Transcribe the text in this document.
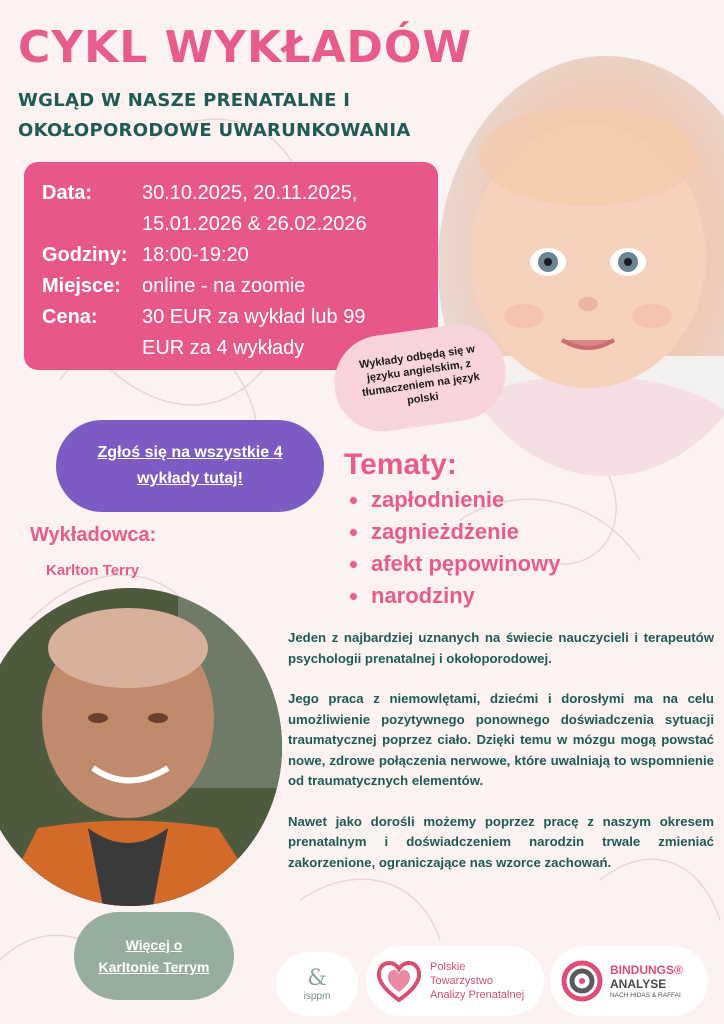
CYKL WYKŁADÓW
WGLĄD W NASZE PRENATALNE I OKOŁOPORODOWE UWARUNKOWANIA
Data: 30.10.2025, 20.11.2025,
15.01.2026 & 26.02.2026
Godziny: 18:00-19:20
Miejsce: online - na zoomie
Cena: 30 EUR za wykład lub 99
EUR za 4 wykłady	Wykłady odbędą się w języku angielskim, z tłumaczeniem na język polski
Zgłoś się na wszystkie 4 wykłady tutaj!	Tematy:
zapłodnienie
zagnieżdżenie
afekt pępowinowy
narodziny
Wykładowca:
Karlton Terry

Jeden z najbardziej uznanych na świecie nauczycieli i terapeutów psychologii prenatalnej i okołoporodowej.

Jego praca z niemowlętami, dziećmi i dorosłymi ma na celu umożliwienie pozytywnego ponownego doświadczenia sytuacji traumatycznej poprzez ciało. Dzięki temu w mózgu mogą powstać nowe, zdrowe połączenia nerwowe, które uwalniają to wspomnienie od traumatycznych elementów.

Nawet jako dorośli możemy poprzez pracę z naszym okresem prenatalnym i doświadczeniem narodzin trwale zmieniać zakorzenione, ograniczające nas wzorce zachowań.

Więcej o Karltonie Terrym	&
isppm
Polskie
Towarzystwo
Analizy Prenatalnej
BINDUNGS®
ANALYSE
NACH HIDAS & RAFFAI
